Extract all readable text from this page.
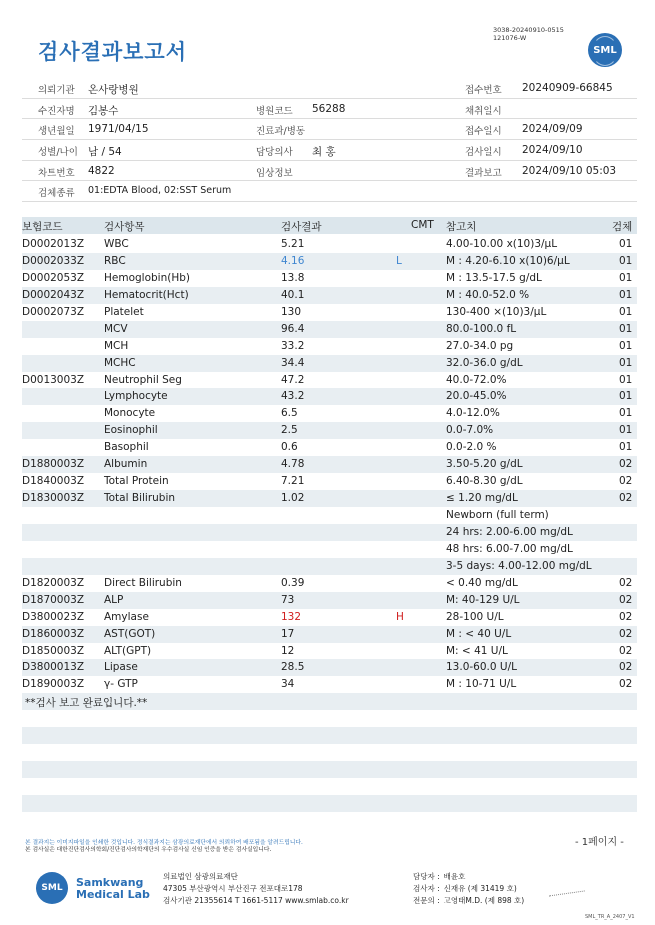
검사결과보고서
3038-20240910-0515
121076-W
SML
의뢰기관 온사랑병원	접수번호 20240909-66845
수진자명 김봉수	병원코드 56288	채취일시
생년월일 1971/04/15	진료과/병동	접수일시 2024/09/09
성별/나이 남 / 54	담당의사 최 홍	검사일시 2024/09/10
차트번호 4822	임상정보	결과보고 2024/09/10 05:03
검체종류 01:EDTA Blood, 02:SST Serum
보험코드	검사항목	검사결과	CMT 참고치	검체
D0002013Z WBC	5.21	4.00-10.00 x(10)3/μL	01
D0002033Z RBC	4.16	L	M : 4.20-6.10 x(10)6/μL	01
D0002053Z Hemoglobin(Hb)	13.8	M : 13.5-17.5 g/dL	01
D0002043Z Hematocrit(Hct)	40.1	M : 40.0-52.0 %	01
D0002073Z Platelet	130	130-400 ×(10)3/μL	01
MCV	96.4	80.0-100.0 fL	01
MCH	33.2	27.0-34.0 pg	01
MCHC	34.4	32.0-36.0 g/dL	01
D0013003Z Neutrophil Seg	47.2	40.0-72.0%	01
Lymphocyte	43.2	20.0-45.0%	01
Monocyte	6.5	4.0-12.0%	01
Eosinophil	2.5	0.0-7.0%	01
Basophil	0.6	0.0-2.0 %	01
D1880003Z Albumin	4.78	3.50-5.20 g/dL	02
D1840003Z Total Protein	7.21	6.40-8.30 g/dL	02
D1830003Z Total Bilirubin	1.02	≤ 1.20 mg/dL	02
Newborn (full term)
24 hrs: 2.00-6.00 mg/dL
48 hrs: 6.00-7.00 mg/dL
3-5 days: 4.00-12.00 mg/dL
D1820003Z Direct Bilirubin	0.39	< 0.40 mg/dL	02
D1870003Z ALP	73	M: 40-129 U/L	02
D3800023Z Amylase	132	H	28-100 U/L	02
D1860003Z AST(GOT)	17	M : < 40 U/L	02
D1850003Z ALT(GPT)	12	M: < 41 U/L	02
D3800013Z Lipase	28.5	13.0-60.0 U/L	02
D1890003Z γ- GTP	34	M : 10-71 U/L	02
**검사 보고 완료입니다.**
본 결과지는 이미지파일을 인쇄한 것입니다. 정식결과지는 삼광의료재단에서 의뢰하여 배포됨을 알려드립니다.
본 검사실은 대한진단검사의학회/진단검사의학재단의 우수검사실 신임 인증을 받은 검사실입니다.
- 1페이지 -
SML	Samkwang
Medical Lab
의료법인 삼광의료재단
47305 부산광역시 부산진구 전포대로178
검사기관 21355614 T 1661-5117 www.smlab.co.kr
담당자 : 배윤호
검사자 : 신재유 (제 31419 호)
전문의 : 고영태M.D. (제 898 호)
SML_TR_A_2407_V1
